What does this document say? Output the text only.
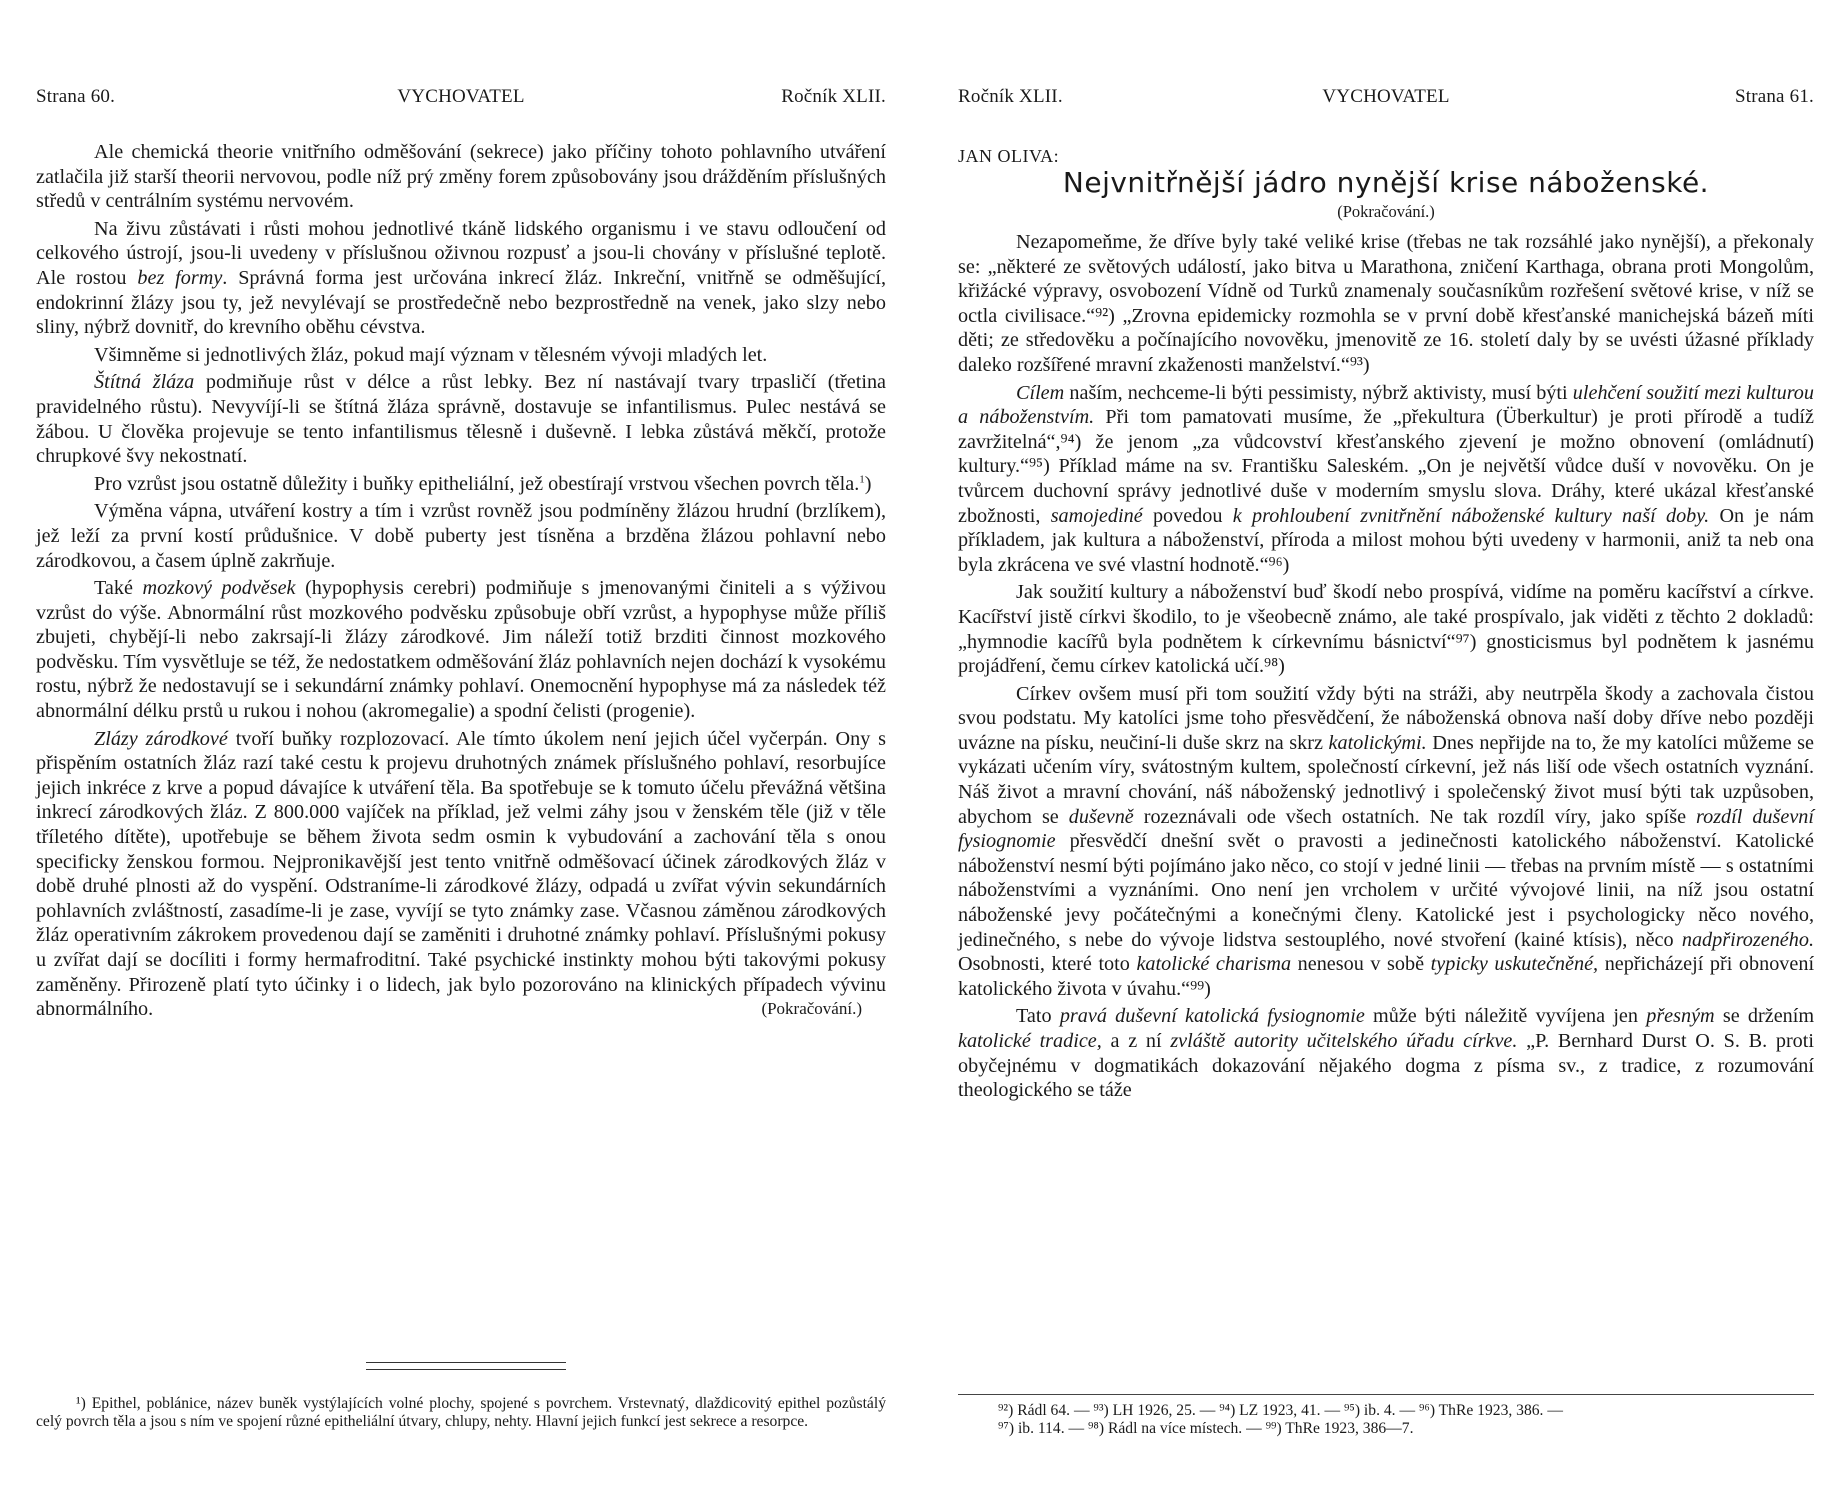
Strana 60.	VYCHOVATEL	Ročník XLII.

Ale chemická theorie vnitřního odměšování (sekrece) jako příčiny tohoto pohlavního utváření zatlačila již starší theorii nervovou, podle níž prý změny forem způsobovány jsou drážděním příslušných středů v centrálním systému nervovém.

Na živu zůstávati i růsti mohou jednotlivé tkáně lidského organismu i ve stavu odloučení od celkového ústrojí, jsou-li uvedeny v příslušnou oživnou rozpusť a jsou-li chovány v příslušné teplotě. Ale rostou bez formy. Správná forma jest určována inkrecí žláz. Inkreční, vnitřně se odměšující, endokrinní žlázy jsou ty, jež nevylévají se prostředečně nebo bezprostředně na venek, jako slzy nebo sliny, nýbrž dovnitř, do krevního oběhu cévstva.

Všimněme si jednotlivých žláz, pokud mají význam v tělesném vývoji mladých let.

Štítná žláza podmiňuje růst v délce a růst lebky. Bez ní nastávají tvary trpasličí (třetina pravidelného růstu). Nevyvíjí-li se štítná žláza správně, dostavuje se infantilismus. Pulec nestává se žábou. U člověka projevuje se tento infantilismus tělesně i duševně. I lebka zůstává měkčí, protože chrupkové švy nekostnatí.

Pro vzrůst jsou ostatně důležity i buňky epitheliální, jež obestírají vrstvou všechen povrch těla.$^1$)

Výměna vápna, utváření kostry a tím i vzrůst rovněž jsou podmíněny žlázou hrudní (brzlíkem), jež leží za první kostí průdušnice. V době puberty jest tísněna a brzděna žlázou pohlavní nebo zárodkovou, a časem úplně zakrňuje.

Také mozkový podvěsek (hypophysis cerebri) podmiňuje s jmenovanými činiteli a s výživou vzrůst do výše. Abnormální růst mozkového podvěsku způsobuje obří vzrůst, a hypophyse může příliš zbujeti, chybějí-li nebo zakrsají-li žlázy zárodkové. Jim náleží totiž brzditi činnost mozkového podvěsku. Tím vysvětluje se též, že nedostatkem odměšování žláz pohlavních nejen dochází k vysokému rostu, nýbrž že nedostavují se i sekundární známky pohlaví. Onemocnění hypophyse má za následek též abnormální délku prstů u rukou i nohou (akromegalie) a spodní čelisti (progenie).

Zlázy zárodkové tvoří buňky rozplozovací. Ale tímto úkolem není jejich účel vyčerpán. Ony s přispěním ostatních žláz razí také cestu k projevu druhotných známek příslušného pohlaví, resorbujíce jejich inkréce z krve a popud dávajíce k utváření těla. Ba spotřebuje se k tomuto účelu převážná většina inkrecí zárodkových žláz. Z 800.000 vajíček na příklad, jež velmi záhy jsou v ženském těle (již v těle tříletého dítěte), upotřebuje se během života sedm osmin k vybudování a zachování těla s onou specificky ženskou formou. Nejpronikavější jest tento vnitřně odměšovací účinek zárodkových žláz v době druhé plnosti až do vyspění. Odstraníme-li zárodkové žlázy, odpadá u zvířat vývin sekundárních pohlavních zvláštností, zasadíme-li je zase, vyvíjí se tyto známky zase. Včasnou záměnou zárodkových žláz operativním zákrokem provedenou dají se zaměniti i druhotné známky pohlaví. Příslušnými pokusy u zvířat dají se docíliti i formy hermafroditní. Také psychické instinkty mohou býti takovými pokusy zaměněny. Přirozeně platí tyto účinky i o lidech, jak bylo pozorováno na klinických případech vývinu abnormálního.	(Pokračování.)

¹) Epithel, poblánice, název buněk vystýlajících volné plochy, spojené s povrchem. Vrstevnatý, dlaždicovitý epithel pozůstálý celý povrch těla a jsou s ním ve spojení různé epitheliální útvary, chlupy, nehty. Hlavní jejich funkcí jest sekrece a resorpce.

Ročník XLII.	VYCHOVATEL	Strana 61.
JAN OLIVA:
Nejvnitřnější jádro nynější krise náboženské.
(Pokračování.)

Nezapomeňme, že dříve byly také veliké krise (třebas ne tak rozsáhlé jako nynější), a překonaly se: „některé ze světových událostí, jako bitva u Marathona, zničení Karthaga, obrana proti Mongolům, křižácké výpravy, osvobození Vídně od Turků znamenaly současníkům rozřešení světové krise, v níž se octla civilisace.“⁹²) „Zrovna epidemicky rozmohla se v první době křesťanské manichejská bázeň míti děti; ze středověku a počínajícího novověku, jmenovitě ze 16. století daly by se uvésti úžasné příklady daleko rozšířené mravní zkaženosti manželství.“⁹³)

Cílem naším, nechceme-li býti pessimisty, nýbrž aktivisty, musí býti ulehčení soužití mezi kulturou a náboženstvím. Při tom pamatovati musíme, že „překultura (Überkultur) je proti přírodě a tudíž zavržitelná“,⁹⁴) že jenom „za vůdcovství křesťanského zjevení je možno obnovení (omládnutí) kultury.“⁹⁵) Příklad máme na sv. Františku Saleském. „On je největší vůdce duší v novověku. On je tvůrcem duchovní správy jednotlivé duše v moderním smyslu slova. Dráhy, které ukázal křesťanské zbožnosti, samojediné povedou k prohloubení zvnitřnění náboženské kultury naší doby. On je nám příkladem, jak kultura a náboženství, příroda a milost mohou býti uvedeny v harmonii, aniž ta neb ona byla zkrácena ve své vlastní hodnotě.“⁹⁶)

Jak soužití kultury a náboženství buď škodí nebo prospívá, vidíme na poměru kacířství a církve. Kacířství jistě církvi škodilo, to je všeobecně známo, ale také prospívalo, jak viděti z těchto 2 dokladů: „hymnodie kacířů byla podnětem k církevnímu básnictví“⁹⁷) gnosticismus byl podnětem k jasnému projádření, čemu církev katolická učí.⁹⁸)

Církev ovšem musí při tom soužití vždy býti na stráži, aby neutrpěla škody a zachovala čistou svou podstatu. My katolíci jsme toho přesvědčení, že náboženská obnova naší doby dříve nebo později uvázne na písku, neučiní-li duše skrz na skrz katolickými. Dnes nepřijde na to, že my katolíci můžeme se vykázati učením víry, svátostným kultem, společností církevní, jež nás liší ode všech ostatních vyznání. Náš život a mravní chování, náš náboženský jednotlivý i společenský život musí býti tak uzpůsoben, abychom se duševně rozeznávali ode všech ostatních. Ne tak rozdíl víry, jako spíše rozdíl duševní fysiognomie přesvědčí dnešní svět o pravosti a jedinečnosti katolického náboženství. Katolické náboženství nesmí býti pojímáno jako něco, co stojí v jedné linii — třebas na prvním místě — s ostatními náboženstvími a vyznáními. Ono není jen vrcholem v určité vývojové linii, na níž jsou ostatní náboženské jevy počátečnými a konečnými členy. Katolické jest i psychologicky něco nového, jedinečného, s nebe do vývoje lidstva sestouplého, nové stvoření (kainé ktísis), něco nadpřirozeného. Osobnosti, které toto katolické charisma nenesou v sobě typicky uskutečněné, nepřicházejí při obnovení katolického života v úvahu.“⁹⁹)

Tato pravá duševní katolická fysiognomie může býti náležitě vyvíjena jen přesným se držením katolické tradice, a z ní zvláště autority učitelského úřadu církve. „P. Bernhard Durst O. S. B. proti obyčejnému v dogmatikách dokazování nějakého dogma z písma sv., z tradice, z rozumování theologického se táže

⁹²) Rádl 64. — ⁹³) LH 1926, 25. — ⁹⁴) LZ 1923, 41. — ⁹⁵) ib. 4. — ⁹⁶) ThRe 1923, 386. —

⁹⁷) ib. 114. — ⁹⁸) Rádl na více místech. — ⁹⁹) ThRe 1923, 386—7.
